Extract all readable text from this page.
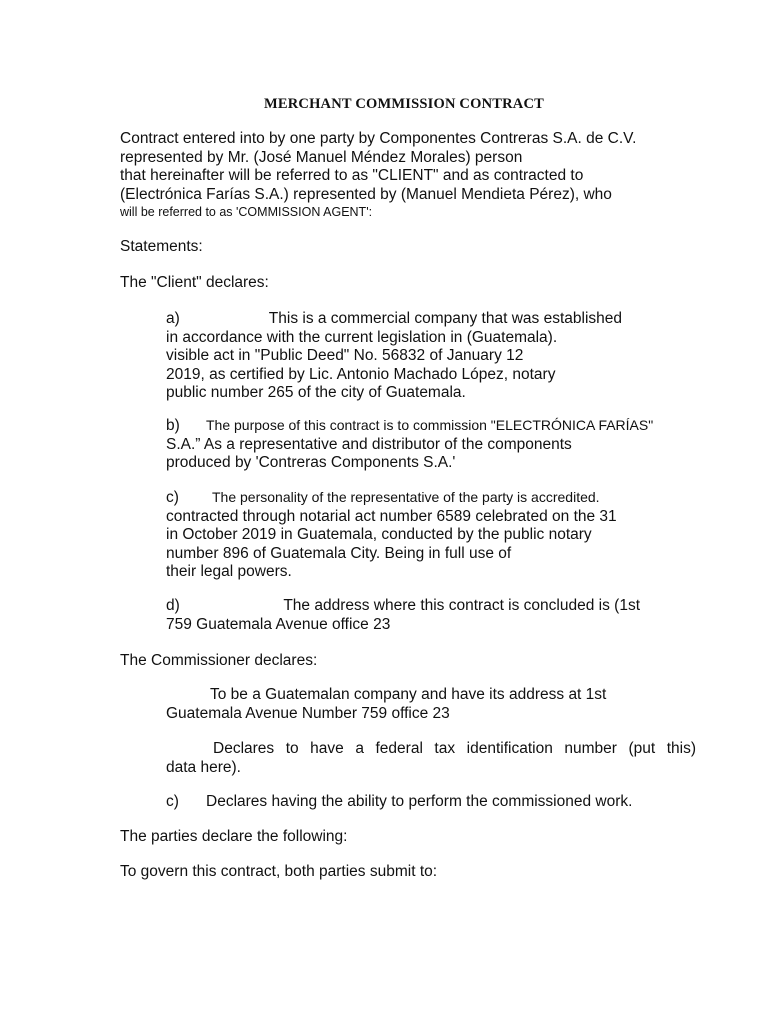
MERCHANT COMMISSION CONTRACT
Contract entered into by one party by Componentes Contreras S.A. de C.V.
represented by Mr. (José Manuel Méndez Morales) person
that hereinafter will be referred to as "CLIENT" and as contracted to
(Electrónica Farías S.A.) represented by (Manuel Mendieta Pérez), who
will be referred to as 'COMMISSION AGENT':
Statements:
The "Client" declares:
a)	This is a commercial company that was established
in accordance with the current legislation in (Guatemala).
visible act in "Public Deed" No. 56832 of January 12
2019, as certified by Lic. Antonio Machado López, notary
public number 265 of the city of Guatemala.
b) The purpose of this contract is to commission "ELECTRÓNICA FARÍAS"
S.A.” As a representative and distributor of the components
produced by 'Contreras Components S.A.'
c) The personality of the representative of the party is accredited.
contracted through notarial act number 6589 celebrated on the 31
in October 2019 in Guatemala, conducted by the public notary
number 896 of Guatemala City. Being in full use of
their legal powers.
d)	The address where this contract is concluded is (1st
759 Guatemala Avenue office 23
The Commissioner declares:
To be a Guatemalan company and have its address at 1st
Guatemala Avenue Number 759 office 23
Declares to have a federal tax identification number (put this)
data here).
c) Declares having the ability to perform the commissioned work.
The parties declare the following:
To govern this contract, both parties submit to:
